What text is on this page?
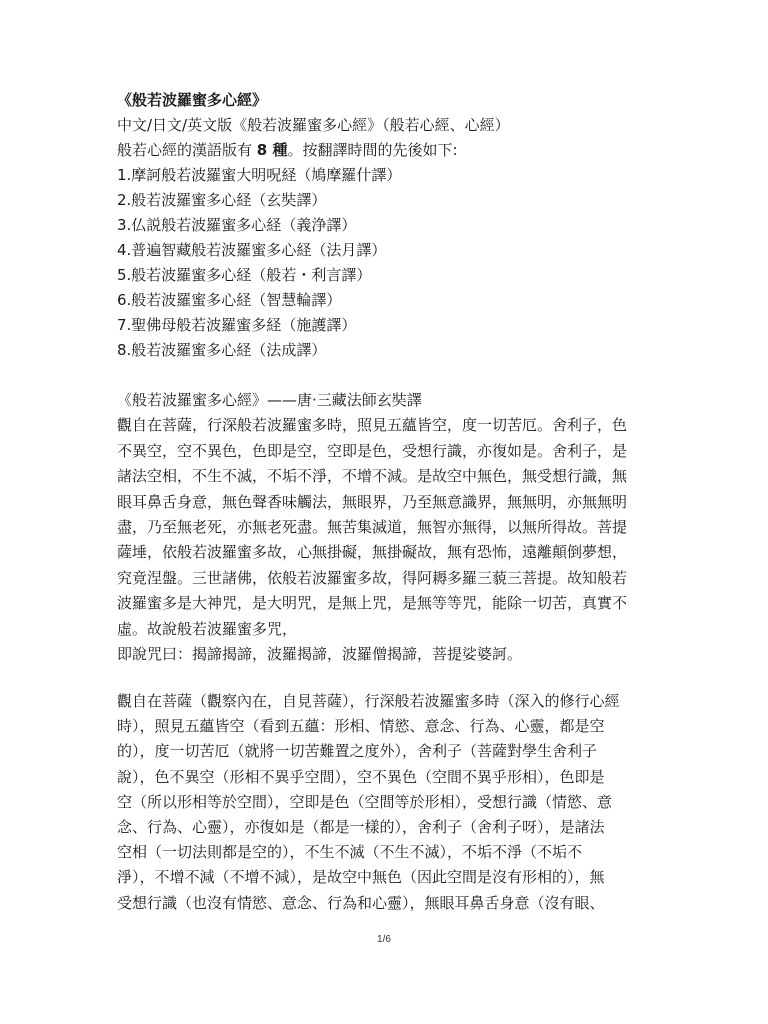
《般若波羅蜜多心經》
中文/日文/英文版《般若波羅蜜多心經》（般若心經、心經）
般若心經的漢語版有 8 種。按翻譯時間的先後如下:
1.摩訶般若波羅蜜大明呪経（鳩摩羅什譯）
2.般若波羅蜜多心経（玄奘譯）
3.仏説般若波羅蜜多心経（義浄譯）
4.普遍智藏般若波羅蜜多心経（法月譯）
5.般若波羅蜜多心経（般若・利言譯）
6.般若波羅蜜多心経（智慧輪譯）
7.聖佛母般若波羅蜜多経（施護譯）
8.般若波羅蜜多心経（法成譯）
《般若波羅蜜多心經》——唐·三藏法師玄奘譯
觀自在菩薩，行深般若波羅蜜多時，照見五蘊皆空，度一切苦厄。舍利子，色
不異空，空不異色，色即是空，空即是色，受想行識，亦復如是。舍利子，是
諸法空相，不生不滅，不垢不淨，不增不減。是故空中無色，無受想行識，無
眼耳鼻舌身意，無色聲香味觸法，無眼界，乃至無意識界，無無明，亦無無明
盡，乃至無老死，亦無老死盡。無苦集滅道，無智亦無得，以無所得故。菩提
薩埵，依般若波羅蜜多故，心無掛礙，無掛礙故，無有恐怖，遠離顛倒夢想，
究竟涅盤。三世諸佛，依般若波羅蜜多故，得阿耨多羅三藐三菩提。故知般若
波羅蜜多是大神咒，是大明咒，是無上咒，是無等等咒，能除一切苦，真實不
虛。故說般若波羅蜜多咒，
即說咒曰：揭諦揭諦，波羅揭諦，波羅僧揭諦，菩提娑婆訶。
觀自在菩薩（觀察內在，自見菩薩），行深般若波羅蜜多時（深入的修行心經
時），照見五蘊皆空（看到五蘊：形相、情慾、意念、行為、心靈，都是空
的），度一切苦厄（就將一切苦難置之度外），舍利子（菩薩對學生舍利子
說），色不異空（形相不異乎空間），空不異色（空間不異乎形相），色即是
空（所以形相等於空間），空即是色（空間等於形相），受想行識（情慾、意
念、行為、心靈），亦復如是（都是一樣的），舍利子（舍利子呀），是諸法
空相（一切法則都是空的），不生不滅（不生不滅），不垢不淨（不垢不
淨），不增不減（不增不減），是故空中無色（因此空間是沒有形相的），無
受想行識（也沒有情慾、意念、行為和心靈），無眼耳鼻舌身意（沒有眼、
1/6
